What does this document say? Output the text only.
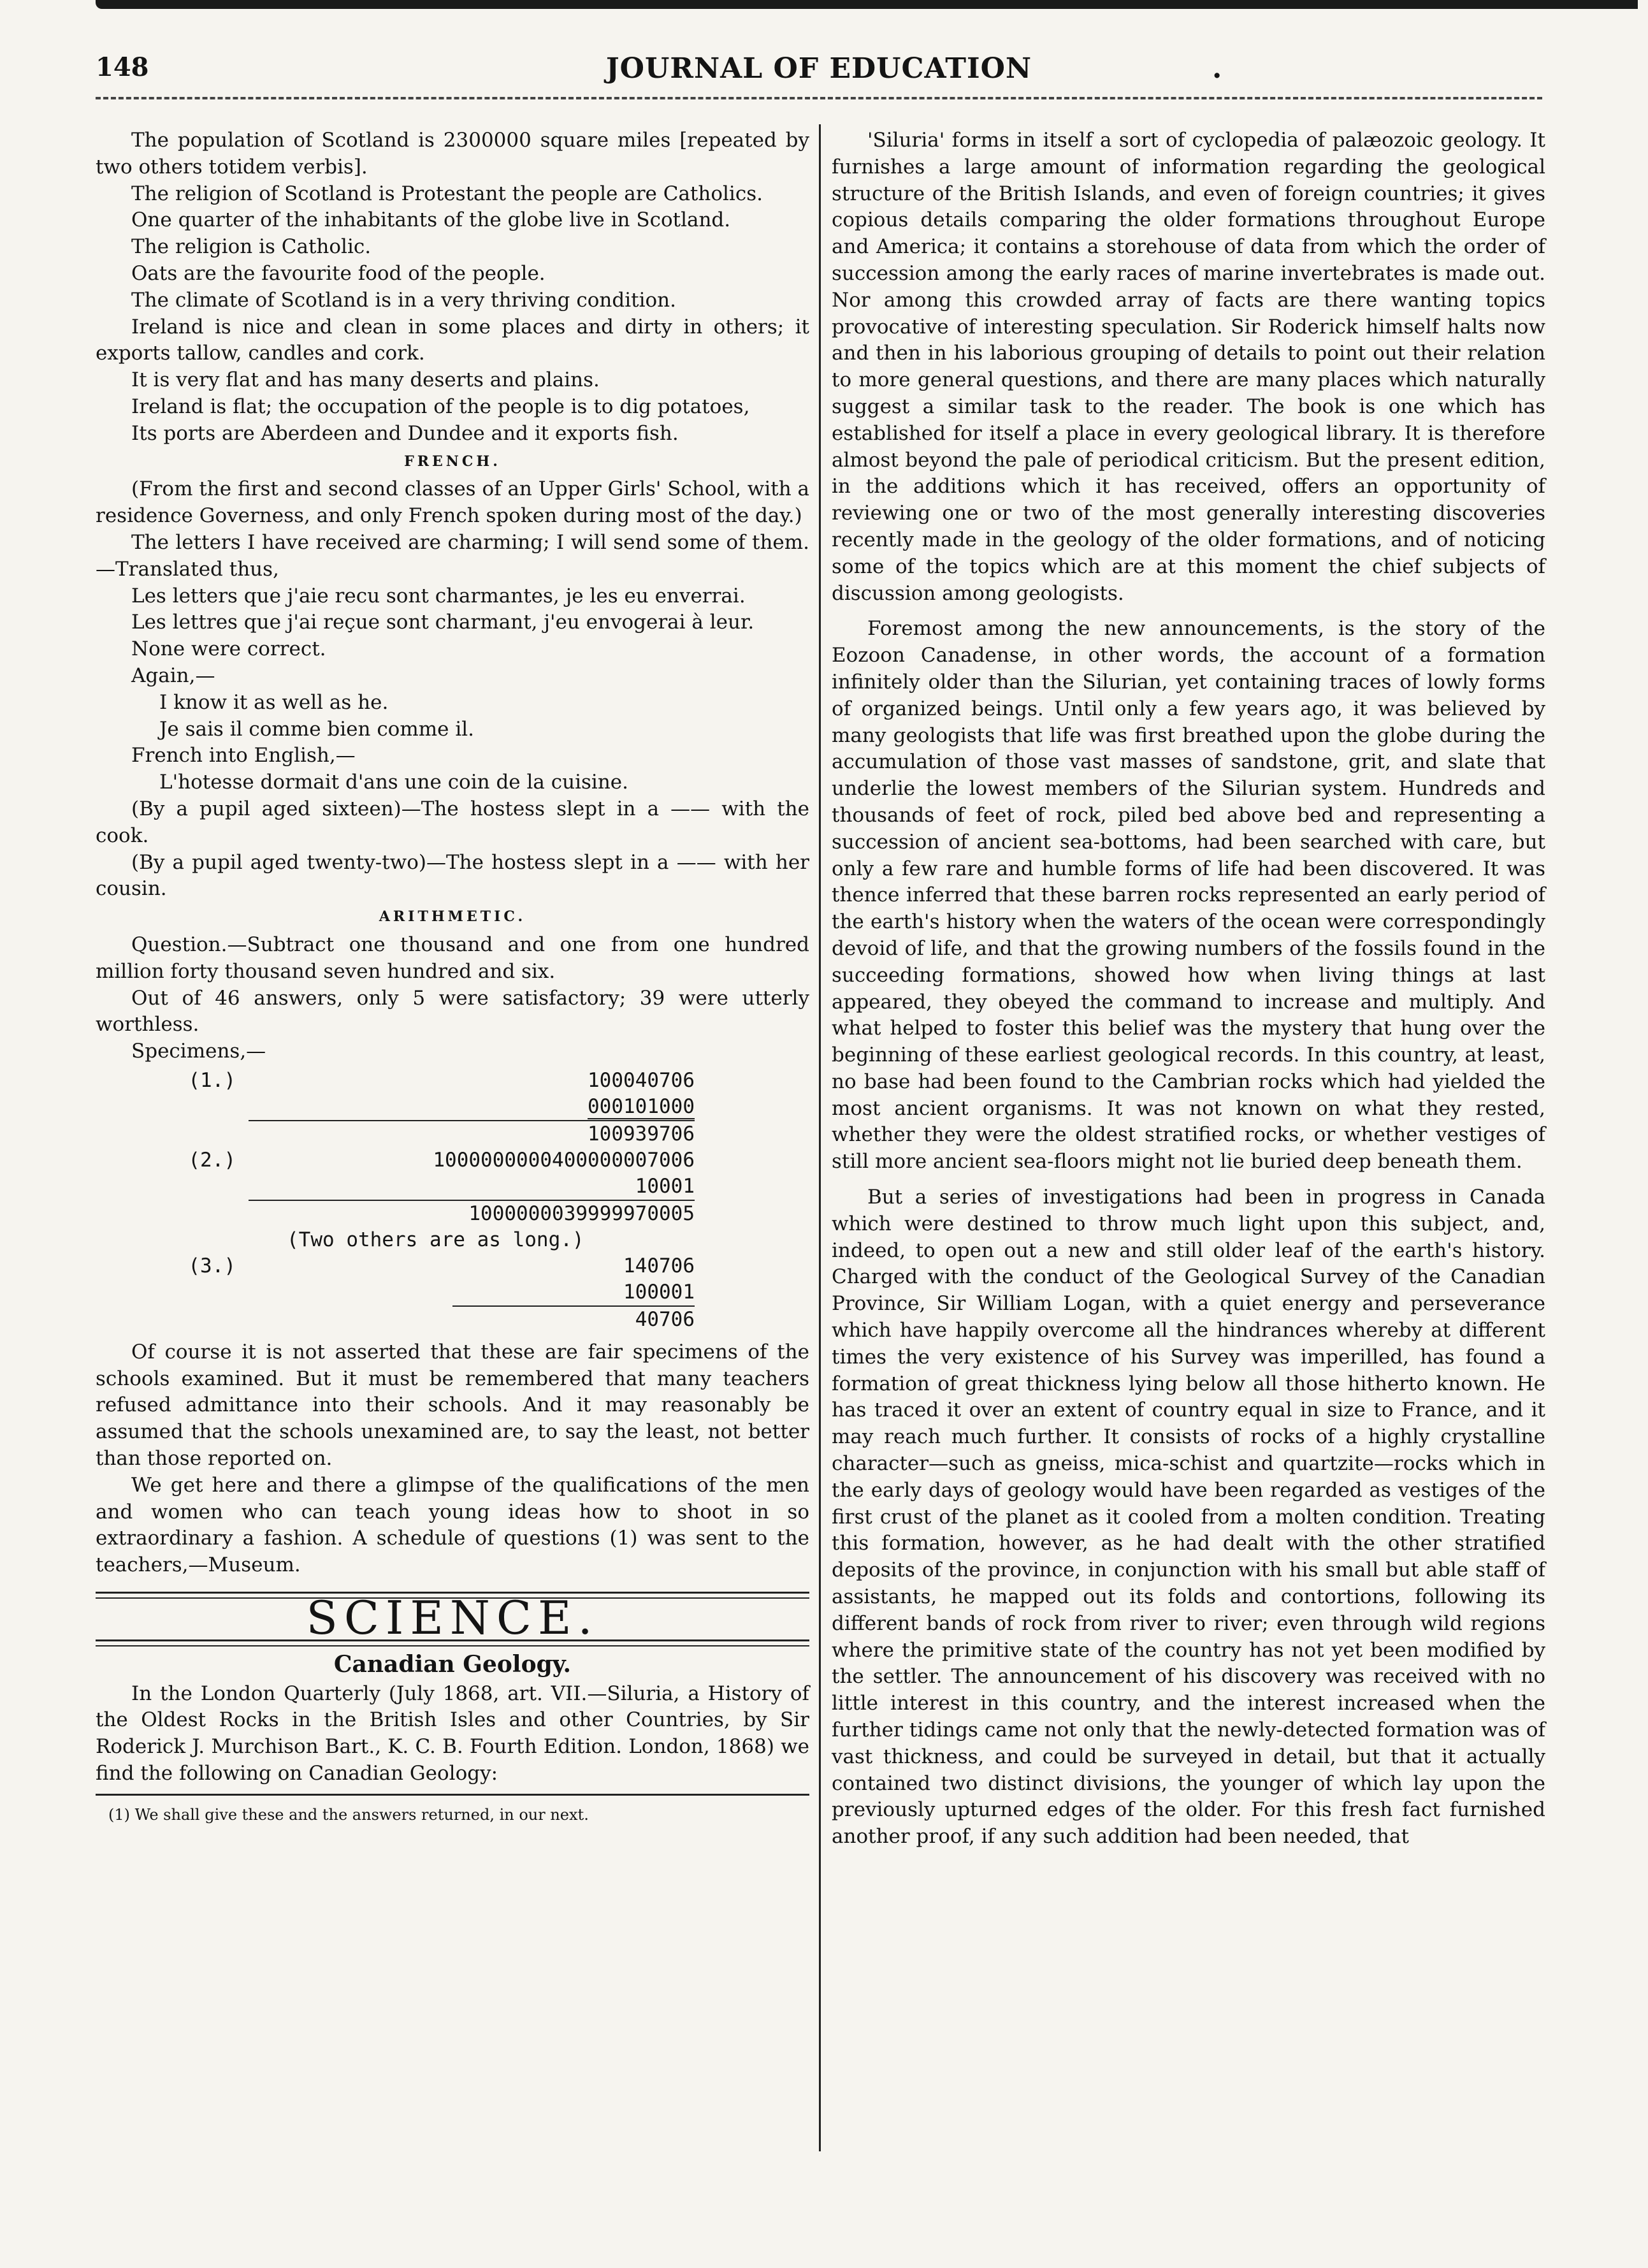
148	JOURNAL OF EDUCATION	.

The population of Scotland is 2300000 square miles [repeated by two others totidem verbis].

The religion of Scotland is Protestant the people are Catholics.

One quarter of the inhabitants of the globe live in Scotland.

The religion is Catholic.

Oats are the favourite food of the people.

The climate of Scotland is in a very thriving condition.

Ireland is nice and clean in some places and dirty in others; it exports tallow, candles and cork.

It is very flat and has many deserts and plains.

Ireland is flat; the occupation of the people is to dig potatoes,

Its ports are Aberdeen and Dundee and it exports fish.

FRENCH.

(From the first and second classes of an Upper Girls' School, with a residence Governess, and only French spoken during most of the day.)

The letters I have received are charming; I will send some of them.—Translated thus,

Les letters que j'aie recu sont charmantes, je les eu enverrai.

Les lettres que j'ai reçue sont charmant, j'eu envogerai à leur.

None were correct.

Again,—

I know it as well as he.

Je sais il comme bien comme il.

French into English,—

L'hotesse dormait d'ans une coin de la cuisine.

(By a pupil aged sixteen)—The hostess slept in a —— with the cook.

(By a pupil aged twenty-two)—The hostess slept in a —— with her cousin.

ARITHMETIC.

Question.—Subtract one thousand and one from one hundred million forty thousand seven hundred and six.

Out of 46 answers, only 5 were satisfactory; 39 were utterly worthless.

Specimens,—

(1.)	100040706
000101000
100939706
(2.)	1000000000400000007006
10001
1000000039999970005
(Two others are as long.)
(3.)	140706
100001
40706

Of course it is not asserted that these are fair specimens of the schools examined. But it must be remembered that many teachers refused admittance into their schools. And it may reasonably be assumed that the schools unexamined are, to say the least, not better than those reported on.

We get here and there a glimpse of the qualifications of the men and women who can teach young ideas how to shoot in so extraordinary a fashion. A schedule of questions (1) was sent to the teachers,—Museum.

SCIENCE.
Canadian Geology.

In the London Quarterly (July 1868, art. VII.—Siluria, a History of the Oldest Rocks in the British Isles and other Countries, by Sir Roderick J. Murchison Bart., K. C. B. Fourth Edition. London, 1868) we find the following on Canadian Geology:

(1) We shall give these and the answers returned, in our next.

'Siluria' forms in itself a sort of cyclopedia of palæozoic geology. It furnishes a large amount of information regarding the geological structure of the British Islands, and even of foreign countries; it gives copious details comparing the older formations throughout Europe and America; it contains a storehouse of data from which the order of succession among the early races of marine invertebrates is made out. Nor among this crowded array of facts are there wanting topics provocative of interesting speculation. Sir Roderick himself halts now and then in his laborious grouping of details to point out their relation to more general questions, and there are many places which naturally suggest a similar task to the reader. The book is one which has established for itself a place in every geological library. It is therefore almost beyond the pale of periodical criticism. But the present edition, in the additions which it has received, offers an opportunity of reviewing one or two of the most generally interesting discoveries recently made in the geology of the older formations, and of noticing some of the topics which are at this moment the chief subjects of discussion among geologists.

Foremost among the new announcements, is the story of the Eozoon Canadense, in other words, the account of a formation infinitely older than the Silurian, yet containing traces of lowly forms of organized beings. Until only a few years ago, it was believed by many geologists that life was first breathed upon the globe during the accumulation of those vast masses of sandstone, grit, and slate that underlie the lowest members of the Silurian system. Hundreds and thousands of feet of rock, piled bed above bed and representing a succession of ancient sea-bottoms, had been searched with care, but only a few rare and humble forms of life had been discovered. It was thence inferred that these barren rocks represented an early period of the earth's history when the waters of the ocean were correspondingly devoid of life, and that the growing numbers of the fossils found in the succeeding formations, showed how when living things at last appeared, they obeyed the command to increase and multiply. And what helped to foster this belief was the mystery that hung over the beginning of these earliest geological records. In this country, at least, no base had been found to the Cambrian rocks which had yielded the most ancient organisms. It was not known on what they rested, whether they were the oldest stratified rocks, or whether vestiges of still more ancient sea-floors might not lie buried deep beneath them.

But a series of investigations had been in progress in Canada which were destined to throw much light upon this subject, and, indeed, to open out a new and still older leaf of the earth's history. Charged with the conduct of the Geological Survey of the Canadian Province, Sir William Logan, with a quiet energy and perseverance which have happily overcome all the hindrances whereby at different times the very existence of his Survey was imperilled, has found a formation of great thickness lying below all those hitherto known. He has traced it over an extent of country equal in size to France, and it may reach much further. It consists of rocks of a highly crystalline character—such as gneiss, mica-schist and quartzite—rocks which in the early days of geology would have been regarded as vestiges of the first crust of the planet as it cooled from a molten condition. Treating this formation, however, as he had dealt with the other stratified deposits of the province, in conjunction with his small but able staff of assistants, he mapped out its folds and contortions, following its different bands of rock from river to river; even through wild regions where the primitive state of the country has not yet been modified by the settler. The announcement of his discovery was received with no little interest in this country, and the interest increased when the further tidings came not only that the newly-detected formation was of vast thickness, and could be surveyed in detail, but that it actually contained two distinct divisions, the younger of which lay upon the previously upturned edges of the older. For this fresh fact furnished another proof, if any such addition had been needed, that
